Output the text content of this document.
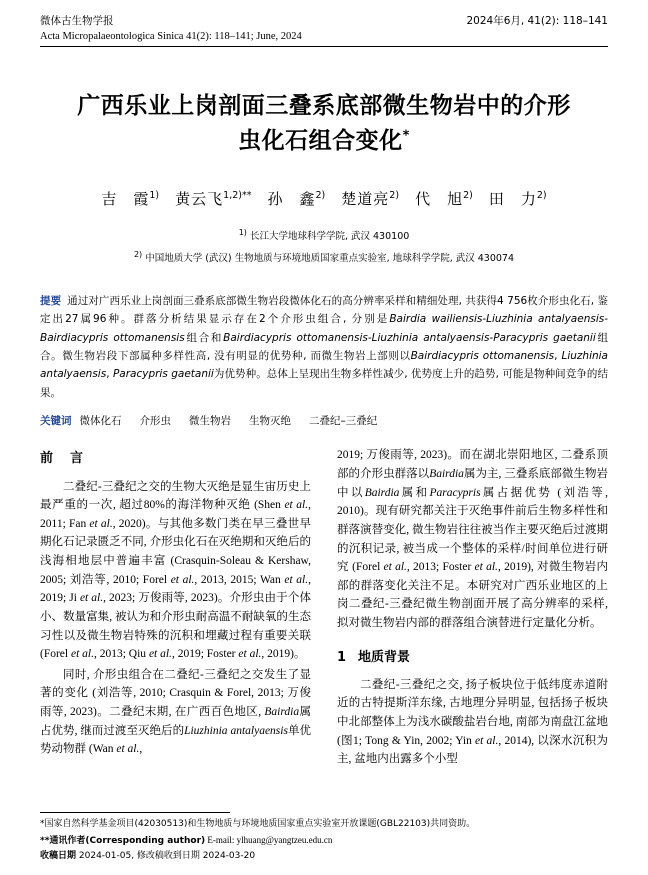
微体古生物学报	2024年6月, 41(2): 118–141
Acta Micropalaeontologica Sinica 41(2): 118–141; June, 2024
广西乐业上岗剖面三叠系底部微生物岩中的介形
虫化石组合变化*
吉　霞$^{1)}$ 黄云飞$^{1,2)**}$ 孙　鑫$^{2)}$ 楚道亮$^{2)}$ 代　旭$^{2)}$ 田　力$^{2)}$
$^{1)}$ 长江大学地球科学学院, 武汉 430100
$^{2)}$ 中国地质大学 (武汉) 生物地质与环境地质国家重点实验室, 地球科学学院, 武汉 430074
提要 通过对广西乐业上岗剖面三叠系底部微生物岩段微体化石的高分辨率采样和精细处理, 共获得4 756枚介形虫化石, 鉴定出27属96种。群落分析结果显示存在2个介形虫组合, 分别是Bairdia wailiensis-Liuzhinia antalyaensis-Bairdiacypris ottomanensis组合和Bairdiacypris ottomanensis-Liuzhinia antalyaensis-Paracypris gaetanii组合。微生物岩段下部属种多样性高, 没有明显的优势种, 而微生物岩上部则以Bairdiacypris ottomanensis, Liuzhinia antalyaensis, Paracypris gaetanii为优势种。总体上呈现出生物多样性减少, 优势度上升的趋势, 可能是物种间竞争的结果。
关键词 微体化石 介形虫 微生物岩 生物灭绝 二叠纪–三叠纪
前　言

二叠纪-三叠纪之交的生物大灭绝是显生宙历史上最严重的一次, 超过80%的海洋物种灭绝 (Shen et al., 2011; Fan et al., 2020)。与其他多数门类在早三叠世早期化石记录匮乏不同, 介形虫化石在灭绝期和灭绝后的浅海相地层中普遍丰富 (Crasquin-Soleau & Kershaw, 2005; 刘浩等, 2010; Forel et al., 2013, 2015; Wan et al., 2019; Ji et al., 2023; 万俊雨等, 2023)。介形虫由于个体小、数量富集, 被认为和介形虫耐高温不耐缺氧的生态习性以及微生物岩特殊的沉积和埋藏过程有重要关联 (Forel et al., 2013; Qiu et al., 2019; Foster et al., 2019)。

同时, 介形虫组合在二叠纪-三叠纪之交发生了显著的变化 (刘浩等, 2010; Crasquin & Forel, 2013; 万俊雨等, 2023)。二叠纪末期, 在广西百色地区, Bairdia属占优势, 继而过渡至灭绝后的Liuzhinia antalyaensis单优势动物群 (Wan et al.,

2019; 万俊雨等, 2023)。而在湖北崇阳地区, 二叠系顶部的介形虫群落以Bairdia属为主, 三叠系底部微生物岩中以Bairdia属和Paracypris属占据优势 (刘浩等, 2010)。现有研究都关注于灭绝事件前后生物多样性和群落演替变化, 微生物岩往往被当作主要灭绝后过渡期的沉积记录, 被当成一个整体的采样/时间单位进行研究 (Forel et al., 2013; Foster et al., 2019), 对微生物岩内部的群落变化关注不足。本研究对广西乐业地区的上岗二叠纪-三叠纪微生物剖面开展了高分辨率的采样, 拟对微生物岩内部的群落组合演替进行定量化分析。

1 地质背景

二叠纪-三叠纪之交, 扬子板块位于低纬度赤道附近的古特提斯洋东缘, 古地理分异明显, 包括扬子板块中北部整体上为浅水碳酸盐岩台地, 南部为南盘江盆地(图1; Tong & Yin, 2002; Yin et al., 2014), 以深水沉积为主, 盆地内出露多个小型

*国家自然科学基金项目(42030513)和生物地质与环境地质国家重点实验室开放课题(GBL22103)共同资助。
**通讯作者(Corresponding author) E-mail: ylhuang@yangtzeu.edu.cn
收稿日期 2024-01-05, 修改稿收到日期 2024-03-20
